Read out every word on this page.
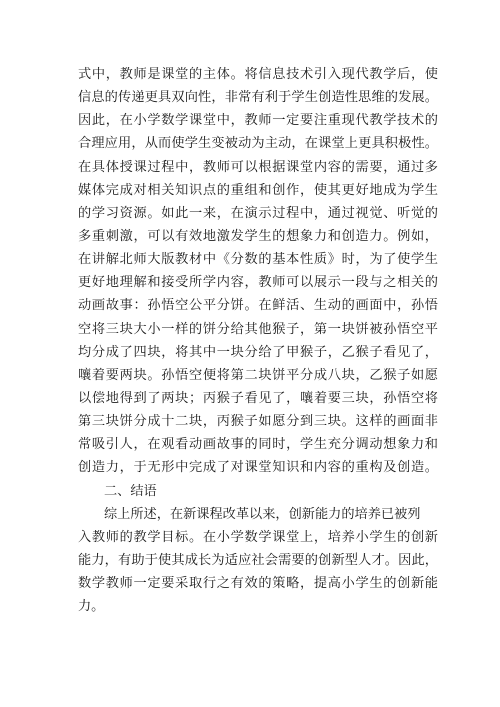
式中，教师是课堂的主体。将信息技术引入现代教学后，使
信息的传递更具双向性，非常有利于学生创造性思维的发展。
因此，在小学数学课堂中，教师一定要注重现代教学技术的
合理应用，从而使学生变被动为主动，在课堂上更具积极性。
在具体授课过程中，教师可以根据课堂内容的需要，通过多
媒体完成对相关知识点的重组和创作，使其更好地成为学生
的学习资源。如此一来，在演示过程中，通过视觉、听觉的
多重刺激，可以有效地激发学生的想象力和创造力。例如，
在讲解北师大版教材中《分数的基本性质》时，为了使学生
更好地理解和接受所学内容，教师可以展示一段与之相关的
动画故事：孙悟空公平分饼。在鲜活、生动的画面中，孙悟
空将三块大小一样的饼分给其他猴子，第一块饼被孙悟空平
均分成了四块，将其中一块分给了甲猴子，乙猴子看见了，
嚷着要两块。孙悟空便将第二块饼平分成八块，乙猴子如愿
以偿地得到了两块；丙猴子看见了，嚷着要三块，孙悟空将
第三块饼分成十二块，丙猴子如愿分到三块。这样的画面非
常吸引人，在观看动画故事的同时，学生充分调动想象力和
创造力，于无形中完成了对课堂知识和内容的重构及创造。
二、结语
综上所述，在新课程改革以来，创新能力的培养已被列
入教师的教学目标。在小学数学课堂上，培养小学生的创新
能力，有助于使其成长为适应社会需要的创新型人才。因此，
数学教师一定要采取行之有效的策略，提高小学生的创新能
力。
